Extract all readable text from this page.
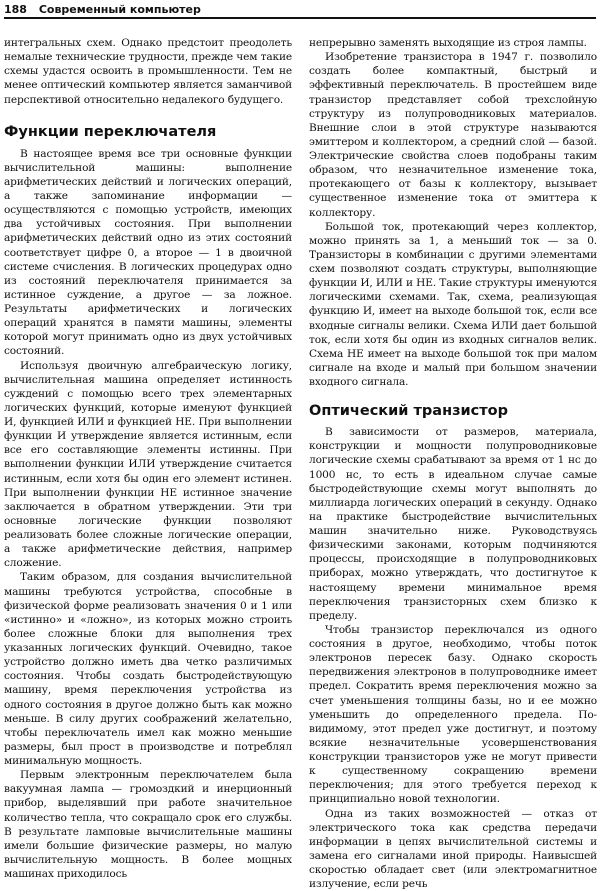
188 Современный компьютер

интегральных схем. Однако предстоит преодолеть немалые технические трудности, прежде чем такие схемы удастся освоить в промышленности. Тем не менее оптический компьютер является заманчивой перспективой относительно недалекого будущего.

Функции переключателя

В настоящее время все три основные функции вычислительной машины: выполнение арифметических действий и логических операций, а также запоминание информации — осуществляются с помощью устройств, имеющих два устойчивых состояния. При выполнении арифметических действий одно из этих состояний соответствует цифре 0, а второе — 1 в двоичной системе счисления. В логических процедурах одно из состояний переключателя принимается за истинное суждение, а другое — за ложное. Результаты арифметических и логических операций хранятся в памяти машины, элементы которой могут принимать одно из двух устойчивых состояний.

Используя двоичную алгебраическую логику, вычислительная машина определяет истинность суждений с помощью всего трех элементарных логических функций, которые именуют функцией И, функцией ИЛИ и функцией НЕ. При выполнении функции И утверждение является истинным, если все его составляющие элементы истинны. При выполнении функции ИЛИ утверждение считается истинным, если хотя бы один его элемент истинен. При выполнении функции НЕ истинное значение заключается в обратном утверждении. Эти три основные логические функции позволяют реализовать более сложные логические операции, а также арифметические действия, например сложение.

Таким образом, для создания вычислительной машины требуются устройства, способные в физической форме реализовать значения 0 и 1 или «истинно» и «ложно», из которых можно строить более сложные блоки для выполнения трех указанных логических функций. Очевидно, такое устройство должно иметь два четко различимых состояния. Чтобы создать быстродействующую машину, время переключения устройства из одного состояния в другое должно быть как можно меньше. В силу других соображений желательно, чтобы переключатель имел как можно меньшие размеры, был прост в производстве и потреблял минимальную мощность.

Первым электронным переключателем была вакуумная лампа — громоздкий и инерционный прибор, выделявший при работе значительное количество тепла, что сокращало срок его службы. В результате ламповые вычислительные машины имели большие физические размеры, но малую вычислительную мощность. В более мощных машинах приходилось

непрерывно заменять выходящие из строя лампы.

Изобретение транзистора в 1947 г. позволило создать более компактный, быстрый и эффективный переключатель. В простейшем виде транзистор представляет собой трехслойную структуру из полупроводниковых материалов. Внешние слои в этой структуре называются эмиттером и коллектором, а средний слой — базой. Электрические свойства слоев подобраны таким образом, что незначительное изменение тока, протекающего от базы к коллектору, вызывает существенное изменение тока от эмиттера к коллектору.

Большой ток, протекающий через коллектор, можно принять за 1, а меньший ток — за 0. Транзисторы в комбинации с другими элементами схем позволяют создать структуры, выполняющие функции И, ИЛИ и НЕ. Такие структуры именуются логическими схемами. Так, схема, реализующая функцию И, имеет на выходе большой ток, если все входные сигналы велики. Схема ИЛИ дает большой ток, если хотя бы один из входных сигналов велик. Схема НЕ имеет на выходе большой ток при малом сигнале на входе и малый при большом значении входного сигнала.

Оптический транзистор

В зависимости от размеров, материала, конструкции и мощности полупроводниковые логические схемы срабатывают за время от 1 нс до 1000 нс, то есть в идеальном случае самые быстродействующие схемы могут выполнять до миллиарда логических операций в секунду. Однако на практике быстродействие вычислительных машин значительно ниже. Руководствуясь физическими законами, которым подчиняются процессы, происходящие в полупроводниковых приборах, можно утверждать, что достигнутое к настоящему времени минимальное время переключения транзисторных схем близко к пределу.

Чтобы транзистор переключался из одного состояния в другое, необходимо, чтобы поток электронов пересек базу. Однако скорость передвижения электронов в полупроводнике имеет предел. Сократить время переключения можно за счет уменьшения толщины базы, но и ее можно уменьшить до определенного предела. По-видимому, этот предел уже достигнут, и поэтому всякие незначительные усовершенствования конструкции транзисторов уже не могут привести к существенному сокращению времени переключения; для этого требуется переход к принципиально новой технологии.

Одна из таких возможностей — отказ от электрического тока как средства передачи информации в цепях вычислительной системы и замена его сигналами иной природы. Наивысшей скоростью обладает свет (или электромагнитное излучение, если речь
